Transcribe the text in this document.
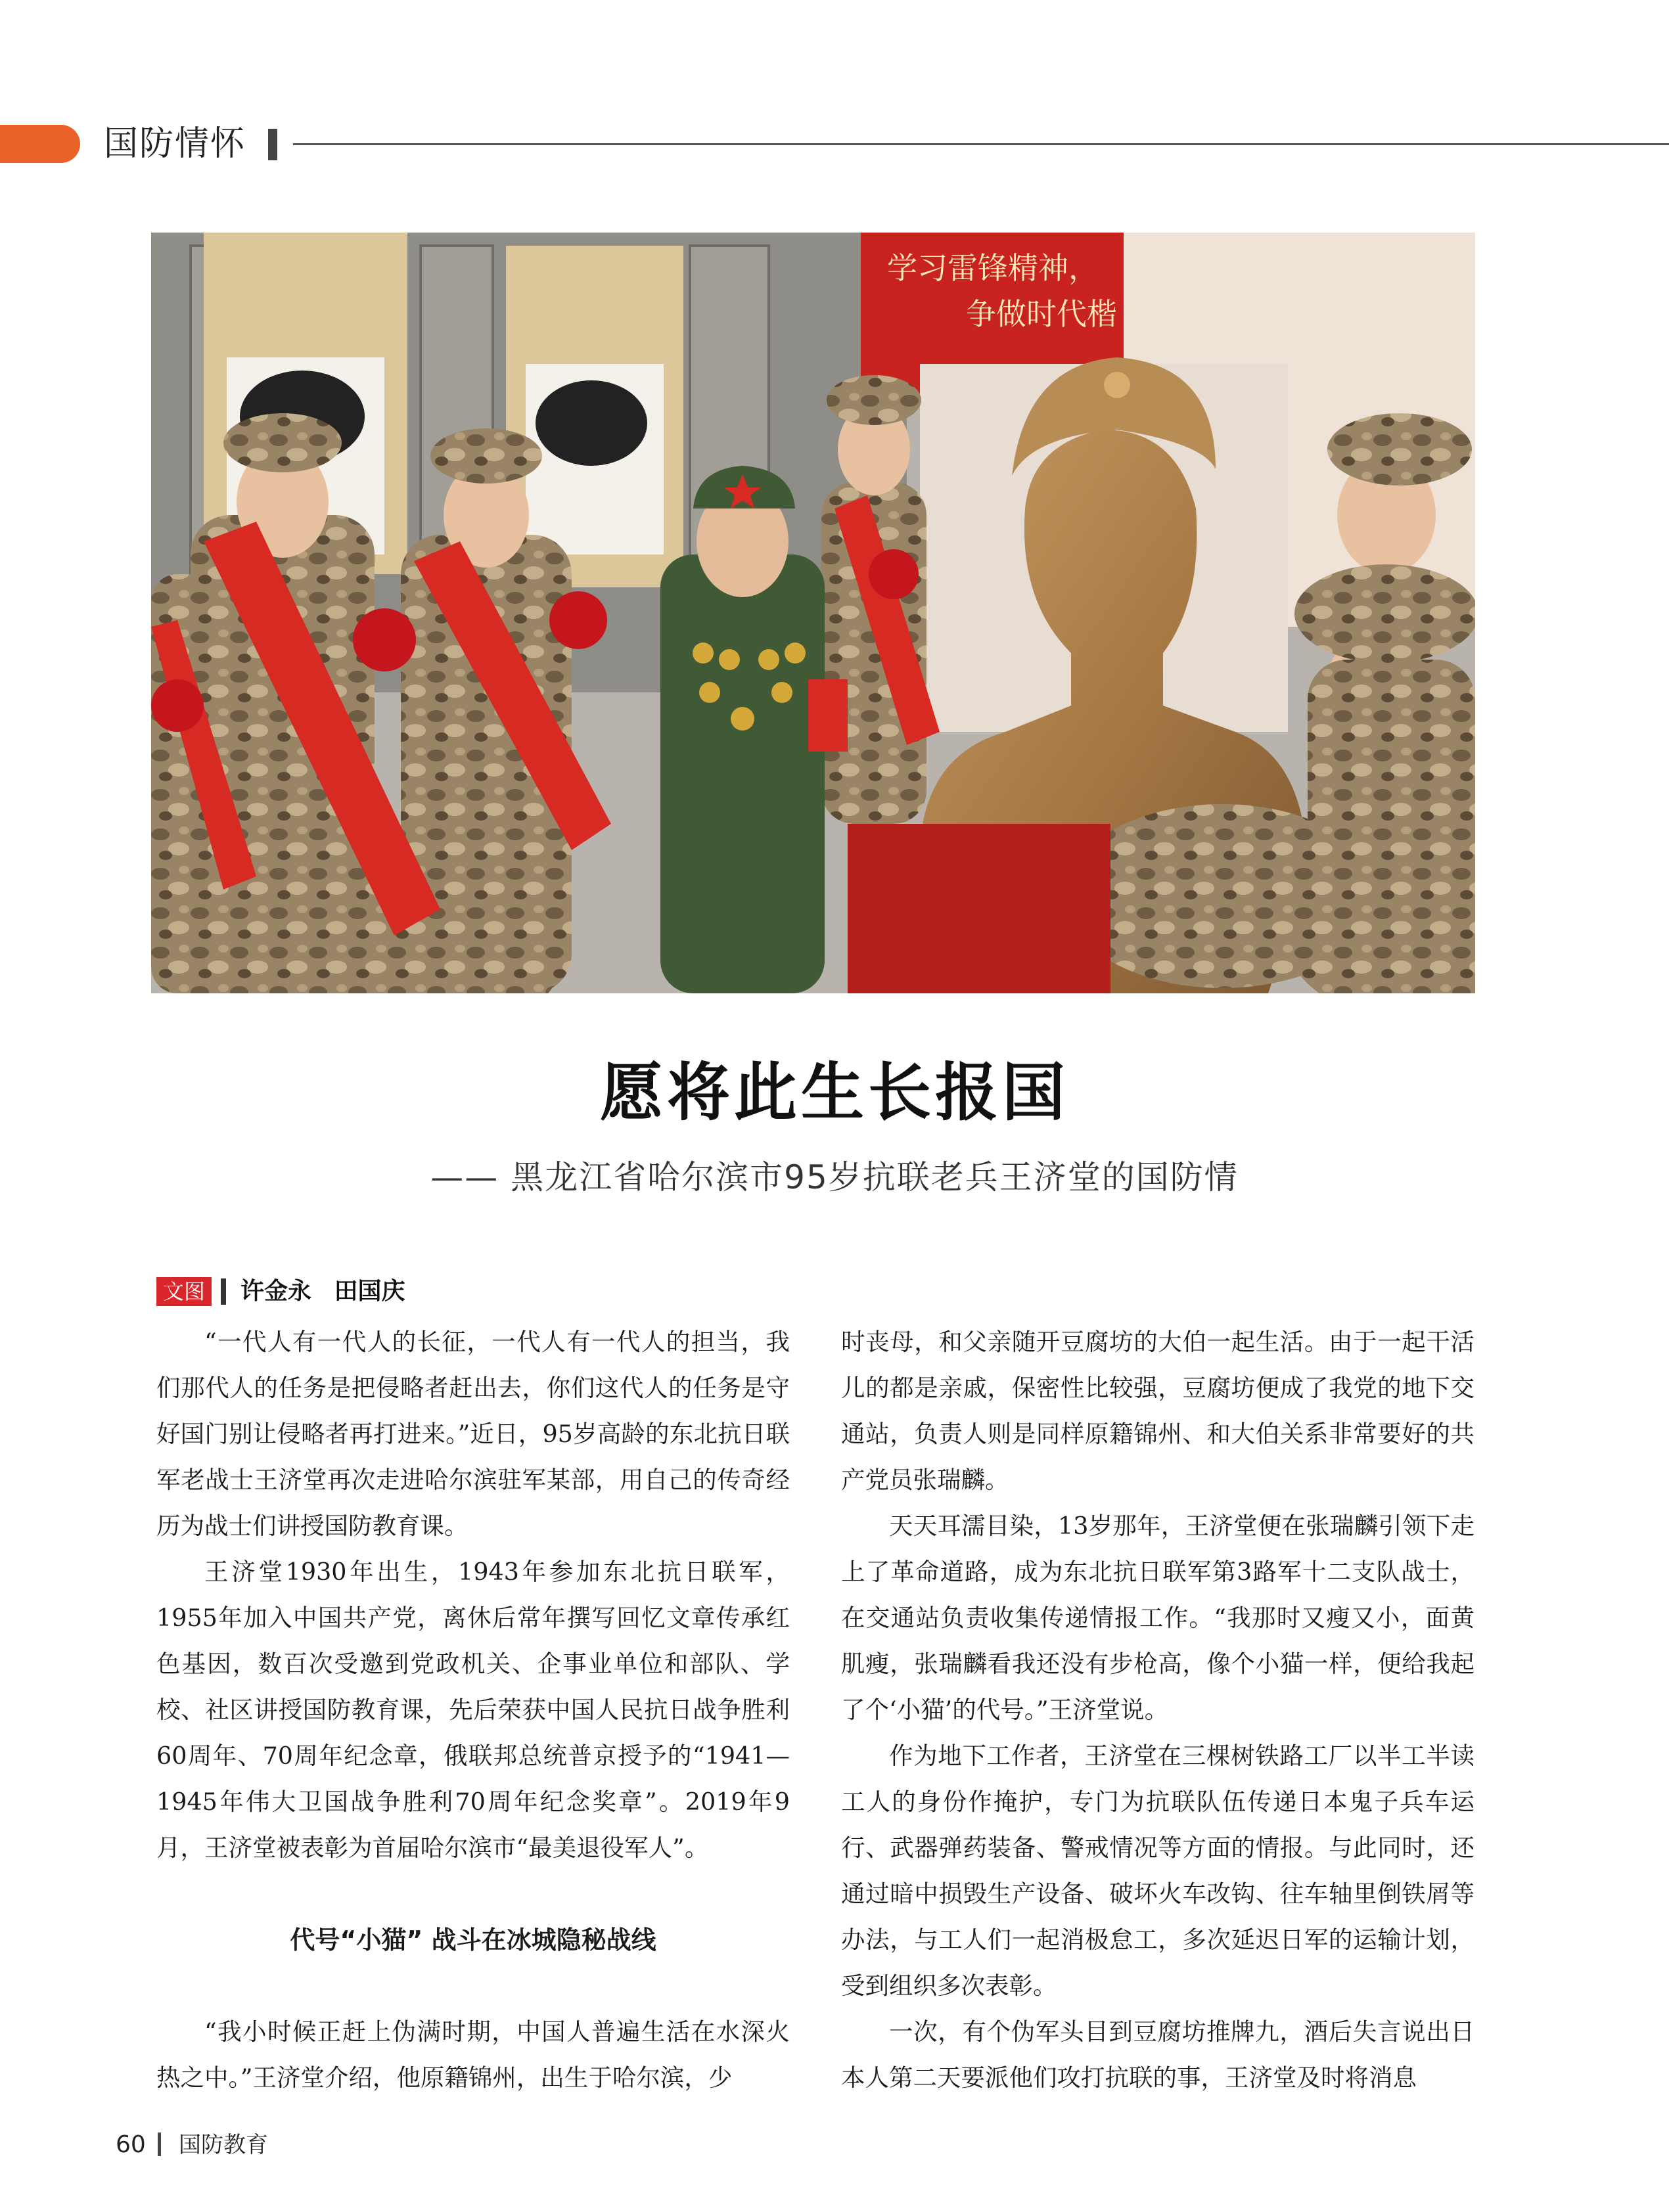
国防情怀
学习雷锋精神，
争做时代楷
愿将此生长报国
—— 黑龙江省哈尔滨市95岁抗联老兵王济堂的国防情
文图 许金永 田国庆

“一代人有一代人的长征，一代人有一代人的担当，我们那代人的任务是把侵略者赶出去，你们这代人的任务是守好国门别让侵略者再打进来。”近日，95岁高龄的东北抗日联军老战士王济堂再次走进哈尔滨驻军某部，用自己的传奇经历为战士们讲授国防教育课。

王济堂1930年出生，1943年参加东北抗日联军，1955年加入中国共产党，离休后常年撰写回忆文章传承红色基因，数百次受邀到党政机关、企事业单位和部队、学校、社区讲授国防教育课，先后荣获中国人民抗日战争胜利60周年、70周年纪念章，俄联邦总统普京授予的“1941—1945年伟大卫国战争胜利70周年纪念奖章”。2019年9月，王济堂被表彰为首届哈尔滨市“最美退役军人”。

代号“小猫” 战斗在冰城隐秘战线

“我小时候正赶上伪满时期，中国人普遍生活在水深火热之中。”王济堂介绍，他原籍锦州，出生于哈尔滨，少

时丧母，和父亲随开豆腐坊的大伯一起生活。由于一起干活儿的都是亲戚，保密性比较强，豆腐坊便成了我党的地下交通站，负责人则是同样原籍锦州、和大伯关系非常要好的共产党员张瑞麟。

天天耳濡目染，13岁那年，王济堂便在张瑞麟引领下走上了革命道路，成为东北抗日联军第3路军十二支队战士，在交通站负责收集传递情报工作。“我那时又瘦又小，面黄肌瘦，张瑞麟看我还没有步枪高，像个小猫一样，便给我起了个‘小猫’的代号。”王济堂说。

作为地下工作者，王济堂在三棵树铁路工厂以半工半读工人的身份作掩护，专门为抗联队伍传递日本鬼子兵车运行、武器弹药装备、警戒情况等方面的情报。与此同时，还通过暗中损毁生产设备、破坏火车改钩、往车轴里倒铁屑等办法，与工人们一起消极怠工，多次延迟日军的运输计划，受到组织多次表彰。

一次，有个伪军头目到豆腐坊推牌九，酒后失言说出日本人第二天要派他们攻打抗联的事，王济堂及时将消息

60 国防教育
